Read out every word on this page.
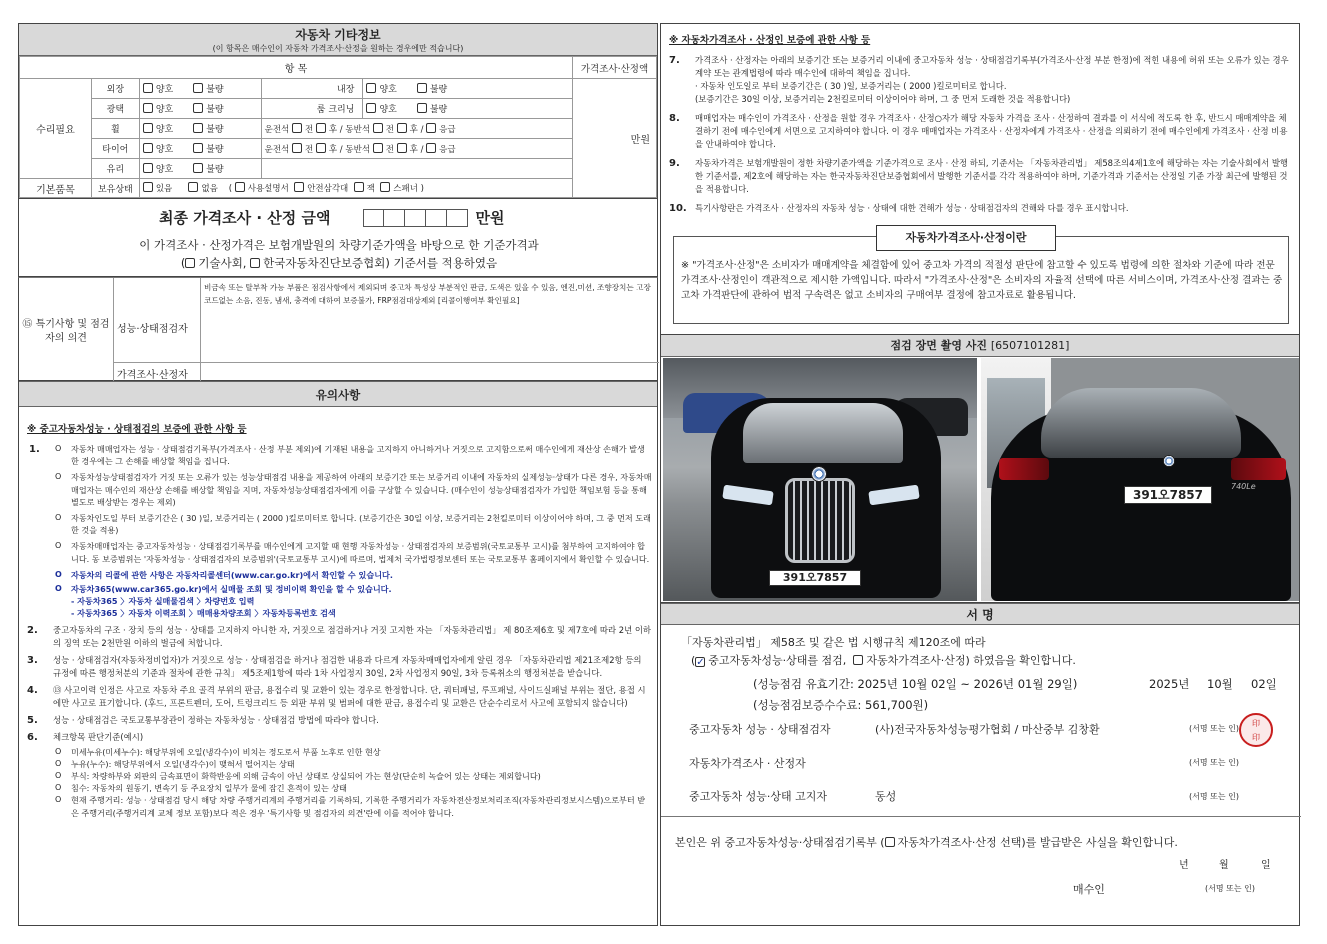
자동차 기타정보
(이 항목은 매수인이 자동차 가격조사·산정을 원하는 경우에만 적습니다)
항 목					가격조사·산정액
수리필요	외장	양호 불량	내장	양호 불량	만원
	광택	양호 불량	룸 크리닝	양호 불량	
	휠	양호 불량	운전석 전 후 / 동반석 전 후 / 응급		
	타이어	양호 불량	운전석 전 후 / 동반석 전 후 / 응급		
	유리	양호 불량			
기본품목	보유상태	있음 없음    ( 사용설명서 안전삼각대 잭 스패너 )			
최종 가격조사 · 산정 금액	만원
이 가격조사 · 산정가격은 보험개발원의 차량기준가액을 바탕으로 한 기준가격과
( 기술사회, 한국자동차진단보증협회) 기준서를 적용하였음
⑮ 특기사항 및 점검자의 의견
성능·상태점검자
비금속 또는 탈부착 가능 부품은 점검사항에서 제외되며 중고차 특성상 부분적인 판금, 도색은 있을 수 있음, 엔진,미션, 조향장치는 고장코드없는 소음, 진동, 냄새, 충격에 대하여 보증불가, FRP점검대상제외 [리콜이행여부 확인필요]
가격조사·산정자
유의사항
※ 중고자동차성능 · 상태점검의 보증에 관한 사항 등
1.	O	자동차 매매업자는 성능 · 상태점검기록부(가격조사 · 산정 부분 제외)에 기재된 내용을 고지하지 아니하거나 거짓으로 고지함으로써 매수인에게 재산상 손해가 발생한 경우에는 그 손해를 배상할 책임을 집니다.
O	자동차성능상태점검자가 거짓 또는 오류가 있는 성능상태점검 내용을 제공하여 아래의 보증기간 또는 보증거리 이내에 자동차의 실제성능·상태가 다른 경우, 자동차매매업자는 매수인의 재산상 손해를 배상할 책임을 지며, 자동차성능상태점검자에게 이를 구상할 수 있습니다. (매수인이 성능상태점검자가 가입한 책임보험 등을 통해 별도로 배상받는 경우는 제외)
O	자동차인도일 부터 보증기간은 ( 30 )일, 보증거리는 ( 2000 )킬로미터로 합니다. (보증기간은 30일 이상, 보증거리는 2천킬로미터 이상이어야 하며, 그 중 먼저 도래한 것을 적용)
O	자동차매매업자는 중고자동차성능 · 상태점검기록부를 매수인에게 고지할 때 현행 자동차성능 · 상태점검자의 보증범위(국토교통부 고시)를 첨부하여 고지하여야 합니다. 동 보증범위는 '자동차성능 · 상태점검자의 보증범위'(국토교통부 고시)에 따르며, 법제처 국가법령정보센터 또는 국토교통부 홈페이지에서 확인할 수 있습니다.
O	자동차의 리콜에 관한 사항은 자동차리콜센터(www.car.go.kr)에서 확인할 수 있습니다.
O	자동차365(www.car365.go.kr)에서 실매물 조회 및 정비이력 확인을 할 수 있습니다.
- 자동차365 〉자동차 실매물검색 〉차량번호 입력
- 자동차365 〉자동차 이력조회 〉매매용차량조회 〉자동차등록번호 검색
2.	중고자동차의 구조 · 장치 등의 성능 · 상태를 고지하지 아니한 자, 거짓으로 점검하거나 거짓 고지한 자는 「자동차관리법」 제 80조제6호 및 제7호에 따라 2년 이하의 징역 또는 2천만원 이하의 벌금에 처합니다.
3.	성능 · 상태점검자(자동차정비업자)가 거짓으로 성능 · 상태점검을 하거나 점검한 내용과 다르게 자동차매매업자에게 알린 경우 「자동차관리법 제21조제2항 등의 규정에 따른 행정처분의 기준과 절차에 관한 규칙」 제5조제1항에 따라 1차 사업정지 30일, 2차 사업정지 90일, 3차 등록취소의 행정처분을 받습니다.
4.	⑬ 사고이력 인정은 사고로 자동차 주요 골격 부위의 판금, 용접수리 및 교환이 있는 경우로 한정합니다. 단, 쿼터패널, 루프패널, 사이드실패널 부위는 절단, 용접 시에만 사고로 표기합니다. (후드, 프론트펜더, 도어, 트렁크리드 등 외판 부위 및 범퍼에 대한 판금, 용접수리 및 교환은 단순수리로서 사고에 포함되지 않습니다)
5.	성능 · 상태점검은 국토교통부장관이 정하는 자동차성능 · 상태점검 방법에 따라야 합니다.
6.	체크항목 판단기준(예시)
O	미세누유(미세누수): 해당부위에 오일(냉각수)이 비치는 정도로서 부품 노후로 인한 현상
O	누유(누수): 해당부위에서 오일(냉각수)이 맺혀서 떨어지는 상태
O	부식: 차량하부와 외판의 금속표면이 화학반응에 의해 금속이 아닌 상태로 상실되어 가는 현상(단순히 녹슬어 있는 상태는 제외합니다)
O	침수: 자동차의 원동기, 변속기 등 주요장치 일부가 물에 잠긴 흔적이 있는 상태
O	현재 주행거리: 성능 · 상태점검 당시 해당 차량 주행거리계의 주행거리를 기록하되, 기록한 주행거리가 자동차전산정보처리조직(자동차관리정보시스템)으로부터 받은 주행거리(주행거리계 교체 정보 포함)보다 적은 경우 '특기사항 및 점검자의 의견'란에 이를 적어야 합니다.
※ 자동차가격조사 · 산정인 보증에 관한 사항 등
7.	가격조사 · 산정자는 아래의 보증기간 또는 보증거리 이내에 중고자동차 성능 · 상태점검기록부(가격조사·산정 부분 한정)에 적힌 내용에 허위 또는 오류가 있는 경우 계약 또는 관계법령에 따라 매수인에 대하여 책임을 집니다.
· 자동차 인도일로 부터 보증기간은 ( 30 )일, 보증거리는 ( 2000 )킬로미터로 합니다.
(보증기간은 30일 이상, 보증거리는 2천킬로미터 이상이어야 하며, 그 중 먼저 도래한 것을 적용합니다)
8.	매매업자는 매수인이 가격조사 · 산정을 원할 경우 가격조사 · 산정○자가 해당 자동차 가격을 조사 · 산정하여 결과를 이 서식에 적도록 한 후, 반드시 매매계약을 체결하기 전에 매수인에게 서면으로 고지하여야 합니다. 이 경우 매매업자는 가격조사 · 산정자에게 가격조사 · 산정을 의뢰하기 전에 매수인에게 가격조사 · 산정 비용을 안내하여야 합니다.
9.	자동차가격은 보험개발원이 정한 차량기준가액을 기준가격으로 조사 · 산정 하되, 기준서는 「자동차관리법」 제58조의4제1호에 해당하는 자는 기술사회에서 발행한 기준서를, 제2호에 해당하는 자는 한국자동차진단보증협회에서 발행한 기준서를 각각 적용하여야 하며, 기준가격과 기준서는 산정일 기준 가장 최근에 발행된 것을 적용합니다.
10. 특기사항란은 가격조사 · 산정자의 자동차 성능 · 상태에 대한 견해가 성능 · 상태점검자의 견해와 다를 경우 표시합니다.
자동차가격조사·산정이란
※ "가격조사·산정"은 소비자가 매매계약을 체결함에 있어 중고차 가격의 적절성 판단에 참고할 수 있도록 법령에 의한 절차와 기준에 따라 전문 가격조사·산정인이 객관적으로 제시한 가액입니다. 따라서 "가격조사·산정"은 소비자의 자율적 선택에 따른 서비스이며, 가격조사·산정 결과는 중고차 가격판단에 관하여 법적 구속력은 없고 소비자의 구매여부 결정에 참고자료로 활용됩니다.
점검 장면 촬영 사진 [6507101281]
391오7857
740Le
391오7857
서 명
「자동차관리법」 제58조 및 같은 법 시행규칙 제120조에 따라
( ✓ 중고자동차성능·상태를 점검, 자동차가격조사·산정) 하였음을 확인합니다.
(성능점검 유효기간: 2025년 10월 02일 ~ 2026년 01월 29일)	2025년 10월 02일
(성능점검보증수수료: 561,700원)
중고자동차 성능 · 상태점검자	(사)전국자동차성능평가협회 / 마산중부 김창환	(서명 또는 인)
印
印
자동차가격조사 · 산정자	(서명 또는 인)
중고자동차 성능·상태 고지자	동성	(서명 또는 인)
본인은 위 중고자동차성능·상태점검기록부 ( 자동차가격조사·산정 선택)를 발급받은 사실을 확인합니다.
년	월	일
매수인	(서명 또는 인)
